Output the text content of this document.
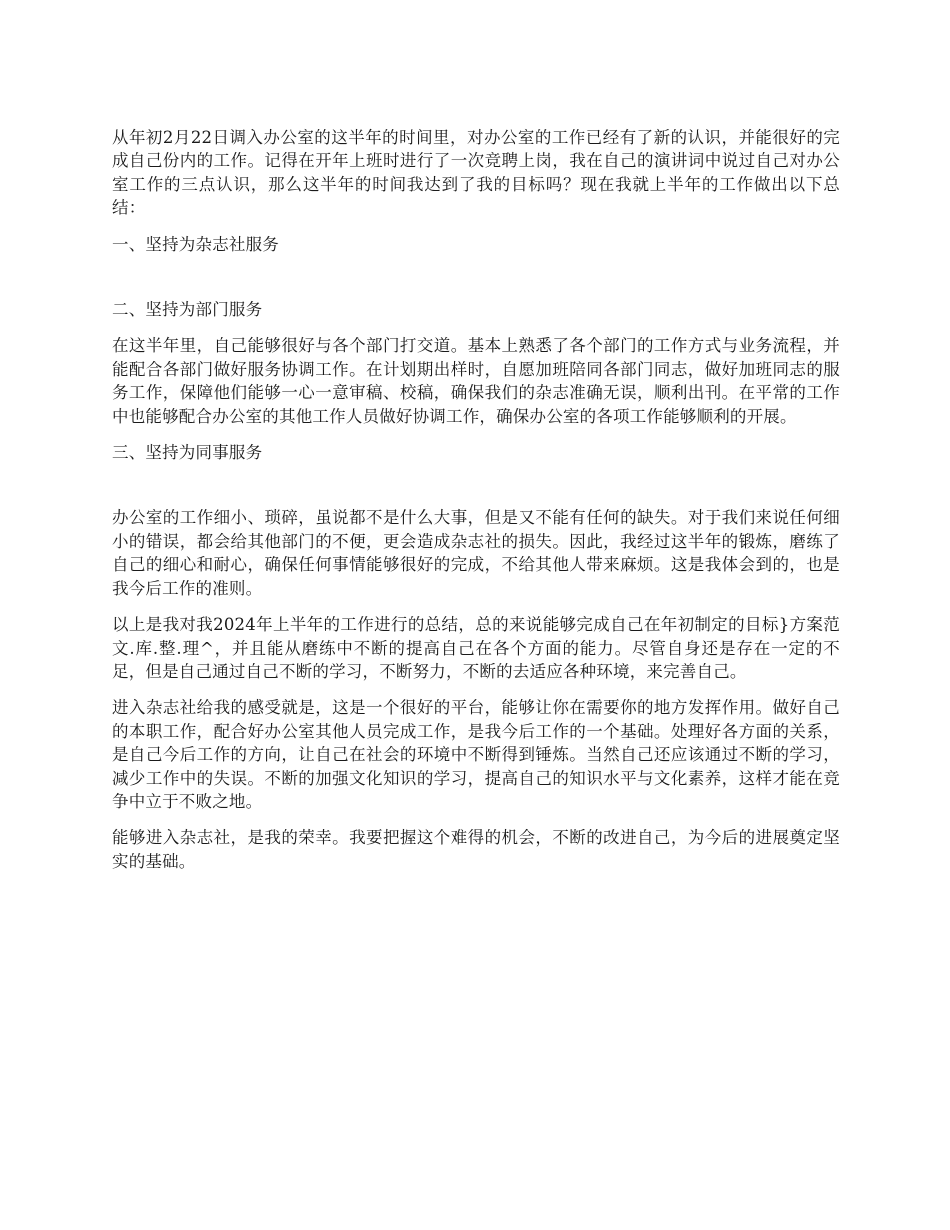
从年初2月22日调入办公室的这半年的时间里，对办公室的工作已经有了新的认识，并能很好的完成自己份内的工作。记得在开年上班时进行了一次竞聘上岗，我在自己的演讲词中说过自己对办公室工作的三点认识，那么这半年的时间我达到了我的目标吗？现在我就上半年的工作做出以下总结：

一、坚持为杂志社服务

二、坚持为部门服务

在这半年里，自己能够很好与各个部门打交道。基本上熟悉了各个部门的工作方式与业务流程，并能配合各部门做好服务协调工作。在计划期出样时，自愿加班陪同各部门同志，做好加班同志的服务工作，保障他们能够一心一意审稿、校稿，确保我们的杂志准确无误，顺利出刊。在平常的工作中也能够配合办公室的其他工作人员做好协调工作，确保办公室的各项工作能够顺利的开展。

三、坚持为同事服务

办公室的工作细小、琐碎，虽说都不是什么大事，但是又不能有任何的缺失。对于我们来说任何细小的错误，都会给其他部门的不便，更会造成杂志社的损失。因此，我经过这半年的锻炼，磨练了自己的细心和耐心，确保任何事情能够很好的完成，不给其他人带来麻烦。这是我体会到的，也是我今后工作的准则。

以上是我对我2024年上半年的工作进行的总结，总的来说能够完成自己在年初制定的目标}方案范文.库.整.理^，并且能从磨练中不断的提高自己在各个方面的能力。尽管自身还是存在一定的不足，但是自己通过自己不断的学习，不断努力，不断的去适应各种环境，来完善自己。

进入杂志社给我的感受就是，这是一个很好的平台，能够让你在需要你的地方发挥作用。做好自己的本职工作，配合好办公室其他人员完成工作，是我今后工作的一个基础。处理好各方面的关系，是自己今后工作的方向，让自己在社会的环境中不断得到锤炼。当然自己还应该通过不断的学习，减少工作中的失误。不断的加强文化知识的学习，提高自己的知识水平与文化素养，这样才能在竞争中立于不败之地。

能够进入杂志社，是我的荣幸。我要把握这个难得的机会，不断的改进自己，为今后的进展奠定坚实的基础。
